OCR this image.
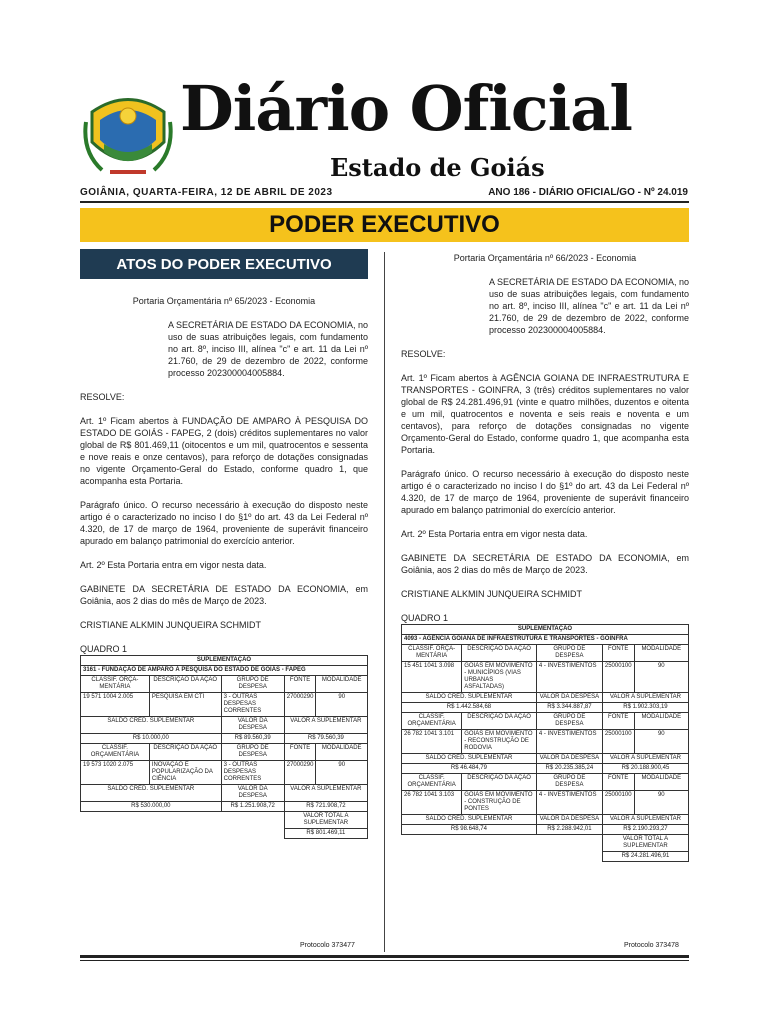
Diário Oficial
Estado de Goiás
GOIÂNIA, QUARTA-FEIRA, 12 DE ABRIL DE 2023	ANO 186 - DIÁRIO OFICIAL/GO - Nº 24.019
PODER EXECUTIVO
ATOS DO PODER EXECUTIVO

Portaria Orçamentária nº 65/2023 - Economia

A SECRETÁRIA DE ESTADO DA ECONOMIA, no uso de suas atribuições legais, com fundamento no art. 8º, inciso III, alínea "c" e art. 11 da Lei nº 21.760, de 29 de dezembro de 2022, conforme processo 202300004005884.

RESOLVE:

Art. 1º Ficam abertos à FUNDAÇÃO DE AMPARO À PESQUISA DO ESTADO DE GOIÁS - FAPEG, 2 (dois) créditos suplementares no valor global de R$ 801.469,11 (oitocentos e um mil, quatrocentos e sessenta e nove reais e onze centavos), para reforço de dotações consignadas no vigente Orçamento-Geral do Estado, conforme quadro 1, que acompanha esta Portaria.

Parágrafo único. O recurso necessário à execução do disposto neste artigo é o caracterizado no inciso I do §1º do art. 43 da Lei Federal nº 4.320, de 17 de março de 1964, proveniente de superávit financeiro apurado em balanço patrimonial do exercício anterior.

Art. 2º Esta Portaria entra em vigor nesta data.

GABINETE DA SECRETÁRIA DE ESTADO DA ECONOMIA, em Goiânia, aos 2 dias do mês de Março de 2023.

CRISTIANE ALKMIN JUNQUEIRA SCHMIDT

QUADRO 1

SUPLEMENTAÇÃO				
3161 - FUNDAÇÃO DE AMPARO À PESQUISA DO ESTADO DE GOIÁS - FAPEG				
CLASSIF. ORÇA- MENTÁRIA	DESCRIÇÃO DA AÇÃO	GRUPO DE DESPESA	FONTE	MODALIDADE
19 571 1004 2.005	PESQUISA EM CTI	3 - OUTRAS DESPESAS CORRENTES	27000290	90
SALDO CRÉD. SUPLEMENTAR		VALOR DA DESPESA	VALOR A SUPLEMENTAR	
R$ 10.000,00		R$ 89.560,39	R$ 79.560,39	
CLASSIF. ORÇAMENTÁRIA	DESCRIÇÃO DA AÇÃO	GRUPO DE DESPESA	FONTE	MODALIDADE
19 573 1020 2.075	INOVAÇÃO E POPULARIZAÇÃO DA CIÊNCIA	3 - OUTRAS DESPESAS CORRENTES	27000290	90
SALDO CRÉD. SUPLEMENTAR		VALOR DA DESPESA	VALOR A SUPLEMENTAR	
R$ 530.000,00		R$ 1.251.908,72	R$ 721.908,72	
			VALOR TOTAL A SUPLEMENTAR	
			R$ 801.469,11	
Protocolo 373477

Portaria Orçamentária nº 66/2023 - Economia

A SECRETÁRIA DE ESTADO DA ECONOMIA, no uso de suas atribuições legais, com fundamento no art. 8º, inciso III, alínea "c" e art. 11 da Lei nº 21.760, de 29 de dezembro de 2022, conforme processo 202300004005884.

RESOLVE:

Art. 1º Ficam abertos à AGÊNCIA GOIANA DE INFRAESTRUTURA E TRANSPORTES - GOINFRA, 3 (três) créditos suplementares no valor global de R$ 24.281.496,91 (vinte e quatro milhões, duzentos e oitenta e um mil, quatrocentos e noventa e seis reais e noventa e um centavos), para reforço de dotações consignadas no vigente Orçamento-Geral do Estado, conforme quadro 1, que acompanha esta Portaria.

Parágrafo único. O recurso necessário à execução do disposto neste artigo é o caracterizado no inciso I do §1º do art. 43 da Lei Federal nº 4.320, de 17 de março de 1964, proveniente de superávit financeiro apurado em balanço patrimonial do exercício anterior.

Art. 2º Esta Portaria entra em vigor nesta data.

GABINETE DA SECRETÁRIA DE ESTADO DA ECONOMIA, em Goiânia, aos 2 dias do mês de Março de 2023.

CRISTIANE ALKMIN JUNQUEIRA SCHMIDT

QUADRO 1

SUPLEMENTAÇÃO				
4093 - AGÊNCIA GOIANA DE INFRAESTRUTURA E TRANSPORTES - GOINFRA				
CLASSIF. ORÇA- MENTÁRIA	DESCRIÇÃO DA AÇÃO	GRUPO DE DESPESA	FONTE	MODALIDADE
15 451 1041 3.098	GOIÁS EM MOVIMENTO - MUNICÍPIOS (VIAS URBANAS ASFALTADAS)	4 - INVESTIMENTOS	25000100	90
SALDO CRÉD. SUPLEMENTAR		VALOR DA DESPESA	VALOR A SUPLEMENTAR	
R$ 1.442.584,68		R$ 3.344.887,87	R$ 1.902.303,19	
CLASSIF. ORÇAMENTÁRIA	DESCRIÇÃO DA AÇÃO	GRUPO DE DESPESA	FONTE	MODALIDADE
26 782 1041 3.101	GOIÁS EM MOVIMENTO - RECONSTRUÇÃO DE RODOVIA	4 - INVESTIMENTOS	25000100	90
SALDO CRÉD. SUPLEMENTAR		VALOR DA DESPESA	VALOR A SUPLEMENTAR	
R$ 46.484,79		R$ 20.235.385,24	R$ 20.188.900,45	
CLASSIF. ORÇAMENTÁRIA	DESCRIÇÃO DA AÇÃO	GRUPO DE DESPESA	FONTE	MODALIDADE
26 782 1041 3.103	GOIÁS EM MOVIMENTO - CONSTRUÇÃO DE PONTES	4 - INVESTIMENTOS	25000100	90
SALDO CRÉD. SUPLEMENTAR		VALOR DA DESPESA	VALOR A SUPLEMENTAR	
R$ 98.648,74		R$ 2.288.942,01	R$ 2.190.293,27	
			VALOR TOTAL A SUPLEMENTAR	
			R$ 24.281.496,91	
Protocolo 373478
